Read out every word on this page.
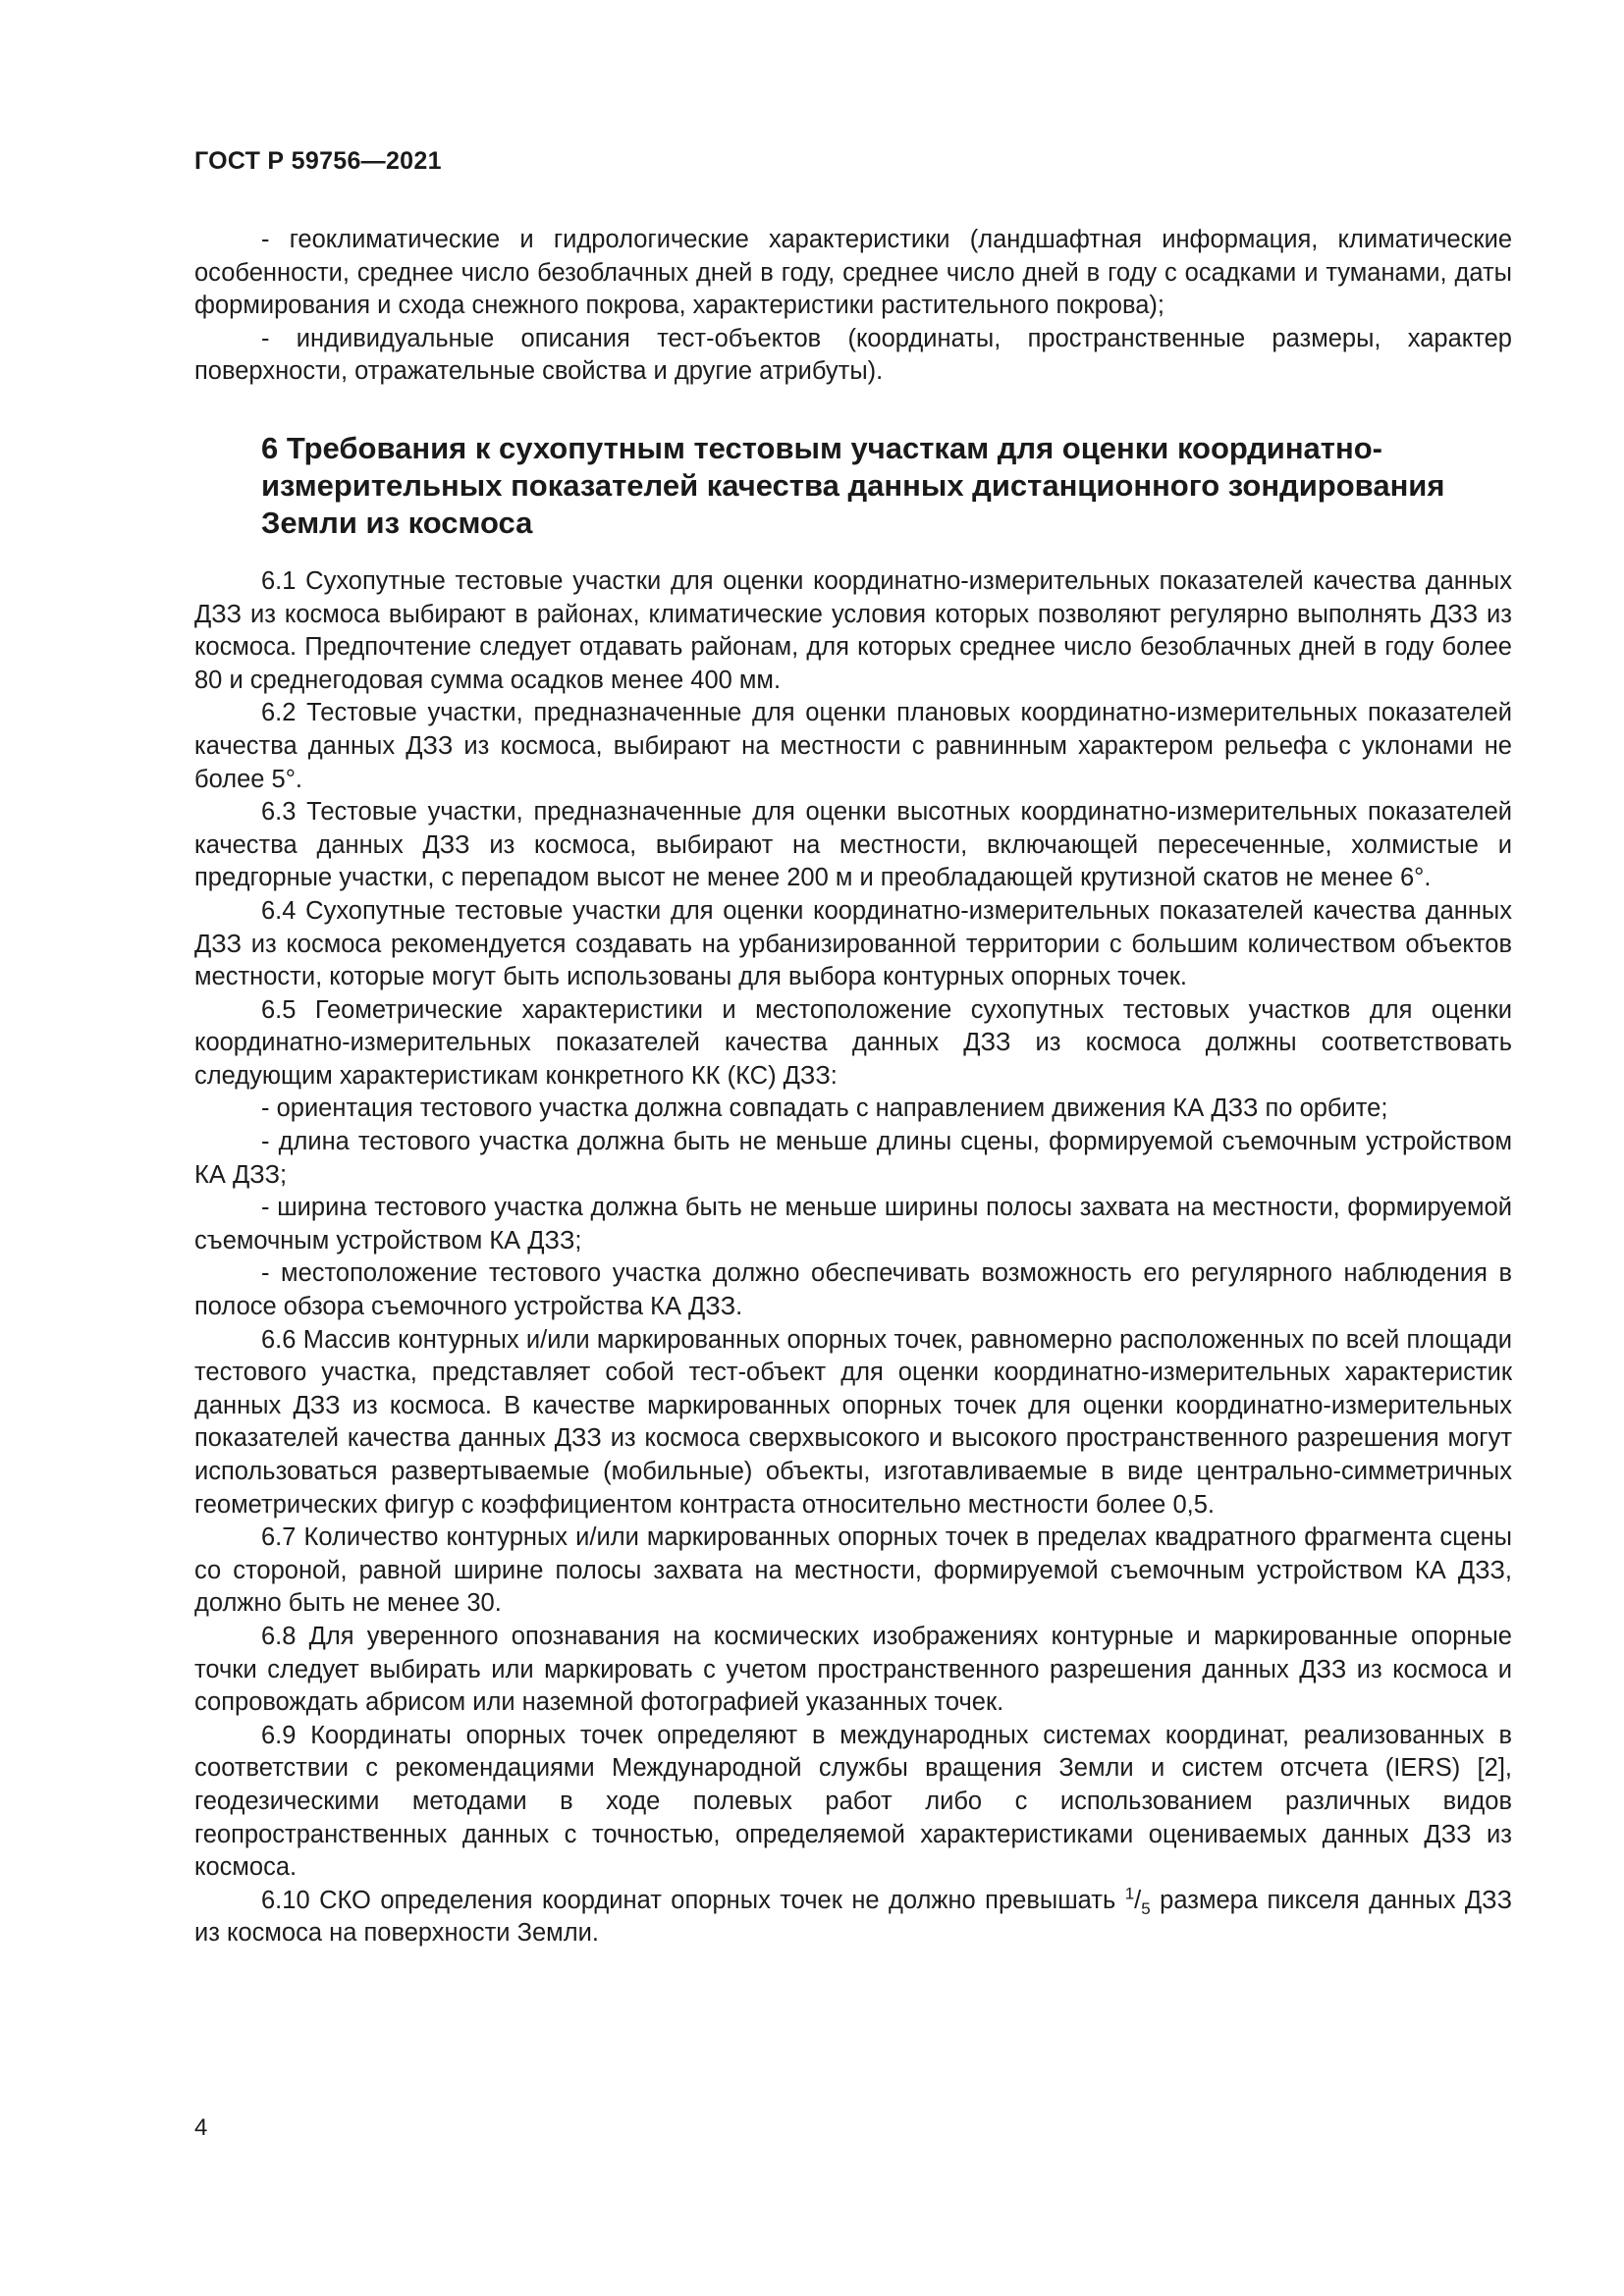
ГОСТ Р 59756—2021

- геоклиматические и гидрологические характеристики (ландшафтная информация, климатические особенности, среднее число безоблачных дней в году, среднее число дней в году с осадками и туманами, даты формирования и схода снежного покрова, характеристики растительного покрова);

- индивидуальные описания тест-объектов (координаты, пространственные размеры, характер поверхности, отражательные свойства и другие атрибуты).

6 Требования к сухопутным тестовым участкам для оценки координатно-измерительных показателей качества данных дистанционного зондирования Земли из космоса

6.1 Сухопутные тестовые участки для оценки координатно-измерительных показателей качества данных ДЗЗ из космоса выбирают в районах, климатические условия которых позволяют регулярно выполнять ДЗЗ из космоса. Предпочтение следует отдавать районам, для которых среднее число безоблачных дней в году более 80 и среднегодовая сумма осадков менее 400 мм.

6.2 Тестовые участки, предназначенные для оценки плановых координатно-измерительных показателей качества данных ДЗЗ из космоса, выбирают на местности с равнинным характером рельефа с уклонами не более 5°.

6.3 Тестовые участки, предназначенные для оценки высотных координатно-измерительных показателей качества данных ДЗЗ из космоса, выбирают на местности, включающей пересеченные, холмистые и предгорные участки, с перепадом высот не менее 200 м и преобладающей крутизной скатов не менее 6°.

6.4 Сухопутные тестовые участки для оценки координатно-измерительных показателей качества данных ДЗЗ из космоса рекомендуется создавать на урбанизированной территории с большим количеством объектов местности, которые могут быть использованы для выбора контурных опорных точек.

6.5 Геометрические характеристики и местоположение сухопутных тестовых участков для оценки координатно-измерительных показателей качества данных ДЗЗ из космоса должны соответствовать следующим характеристикам конкретного КК (КС) ДЗЗ:

- ориентация тестового участка должна совпадать с направлением движения КА ДЗЗ по орбите;

- длина тестового участка должна быть не меньше длины сцены, формируемой съемочным устройством КА ДЗЗ;

- ширина тестового участка должна быть не меньше ширины полосы захвата на местности, формируемой съемочным устройством КА ДЗЗ;

- местоположение тестового участка должно обеспечивать возможность его регулярного наблюдения в полосе обзора съемочного устройства КА ДЗЗ.

6.6 Массив контурных и/или маркированных опорных точек, равномерно расположенных по всей площади тестового участка, представляет собой тест-объект для оценки координатно-измерительных характеристик данных ДЗЗ из космоса. В качестве маркированных опорных точек для оценки координатно-измерительных показателей качества данных ДЗЗ из космоса сверхвысокого и высокого пространственного разрешения могут использоваться развертываемые (мобильные) объекты, изготавливаемые в виде центрально-симметричных геометрических фигур с коэффициентом контраста относительно местности более 0,5.

6.7 Количество контурных и/или маркированных опорных точек в пределах квадратного фрагмента сцены со стороной, равной ширине полосы захвата на местности, формируемой съемочным устройством КА ДЗЗ, должно быть не менее 30.

6.8 Для уверенного опознавания на космических изображениях контурные и маркированные опорные точки следует выбирать или маркировать с учетом пространственного разрешения данных ДЗЗ из космоса и сопровождать абрисом или наземной фотографией указанных точек.

6.9 Координаты опорных точек определяют в международных системах координат, реализованных в соответствии с рекомендациями Международной службы вращения Земли и систем отсчета (IERS) [2], геодезическими методами в ходе полевых работ либо с использованием различных видов геопространственных данных с точностью, определяемой характеристиками оцениваемых данных ДЗЗ из космоса.

6.10 СКО определения координат опорных точек не должно превышать $^1/_5$ размера пикселя данных ДЗЗ из космоса на поверхности Земли.

4
